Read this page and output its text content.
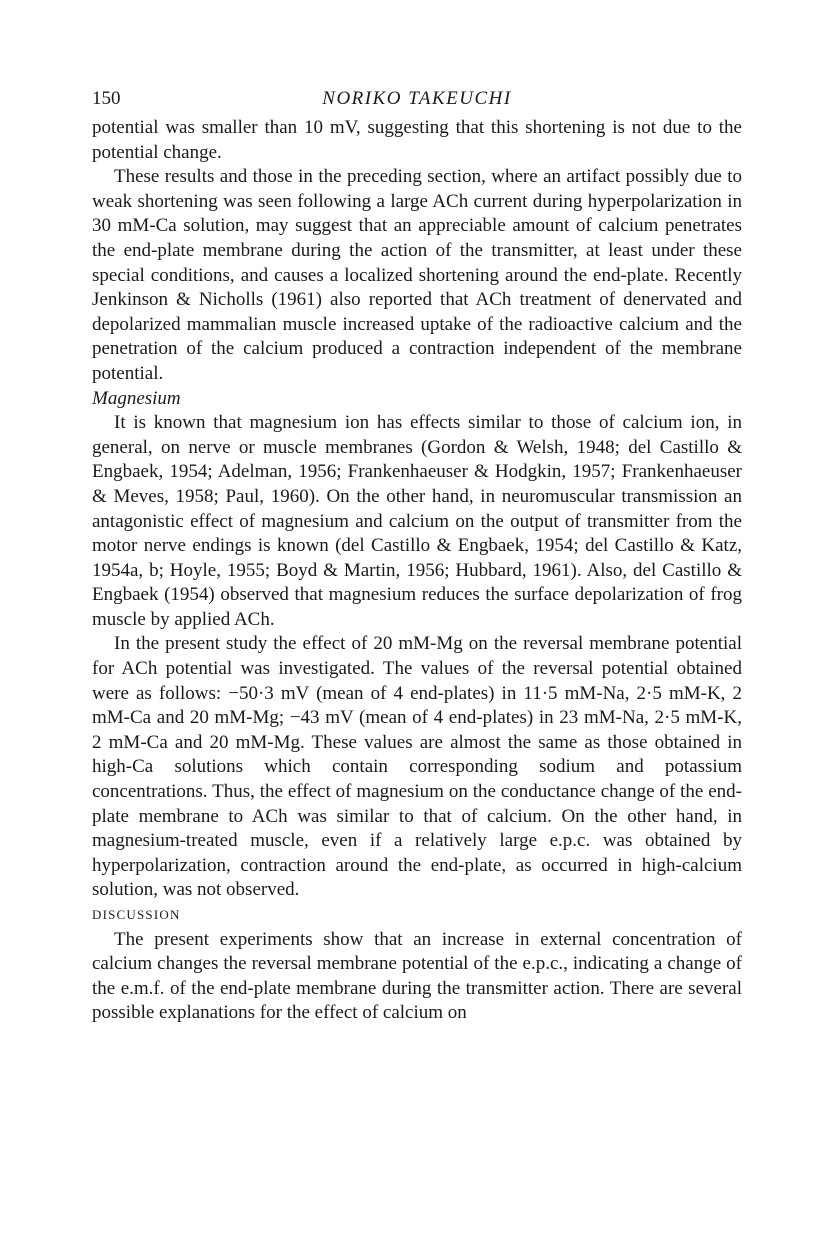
150	NORIKO TAKEUCHI

potential was smaller than 10 mV, suggesting that this shortening is not due to the potential change.

These results and those in the preceding section, where an artifact possibly due to weak shortening was seen following a large ACh current during hyperpolarization in 30 mM-Ca solution, may suggest that an appreciable amount of calcium penetrates the end-plate membrane during the action of the transmitter, at least under these special conditions, and causes a localized shortening around the end-plate. Recently Jenkinson & Nicholls (1961) also reported that ACh treatment of denervated and depolarized mammalian muscle increased uptake of the radioactive calcium and the penetration of the calcium produced a contraction independent of the membrane potential.

Magnesium

It is known that magnesium ion has effects similar to those of calcium ion, in general, on nerve or muscle membranes (Gordon & Welsh, 1948; del Castillo & Engbaek, 1954; Adelman, 1956; Frankenhaeuser & Hodgkin, 1957; Frankenhaeuser & Meves, 1958; Paul, 1960). On the other hand, in neuromuscular transmission an antagonistic effect of magnesium and calcium on the output of transmitter from the motor nerve endings is known (del Castillo & Engbaek, 1954; del Castillo & Katz, 1954a, b; Hoyle, 1955; Boyd & Martin, 1956; Hubbard, 1961). Also, del Castillo & Engbaek (1954) observed that magnesium reduces the surface depolarization of frog muscle by applied ACh.

In the present study the effect of 20 mM-Mg on the reversal membrane potential for ACh potential was investigated. The values of the reversal potential obtained were as follows: −50·3 mV (mean of 4 end-plates) in 11·5 mM-Na, 2·5 mM-K, 2 mM-Ca and 20 mM-Mg; −43 mV (mean of 4 end-plates) in 23 mM-Na, 2·5 mM-K, 2 mM-Ca and 20 mM-Mg. These values are almost the same as those obtained in high-Ca solutions which contain corresponding sodium and potassium concentrations. Thus, the effect of magnesium on the conductance change of the end-plate membrane to ACh was similar to that of calcium. On the other hand, in magnesium-treated muscle, even if a relatively large e.p.c. was obtained by hyperpolarization, contraction around the end-plate, as occurred in high-calcium solution, was not observed.

DISCUSSION

The present experiments show that an increase in external concentration of calcium changes the reversal membrane potential of the e.p.c., indicating a change of the e.m.f. of the end-plate membrane during the transmitter action. There are several possible explanations for the effect of calcium on
